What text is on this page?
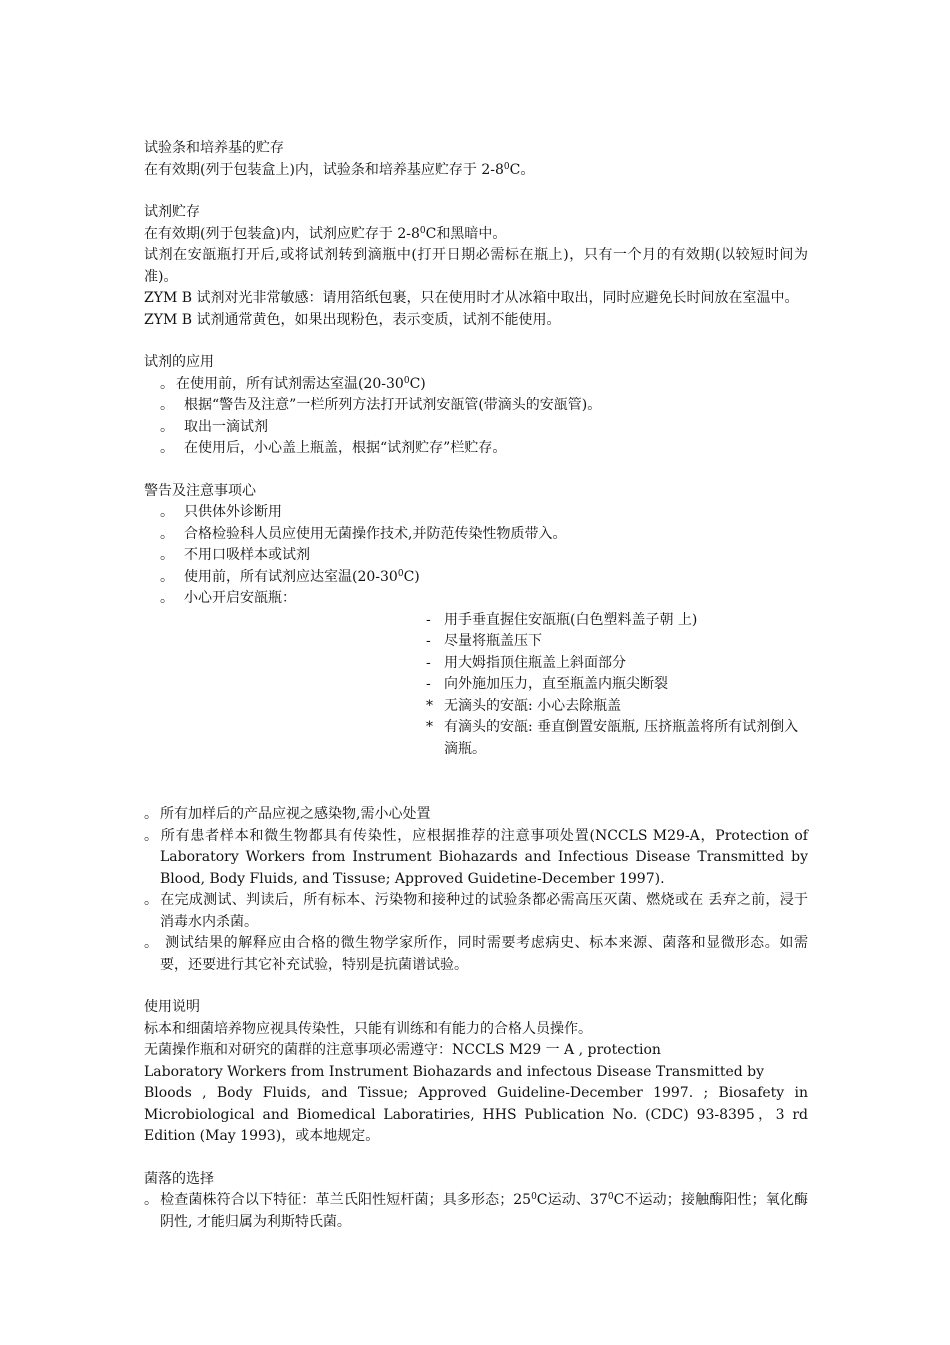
试验条和培养基的贮存

在有效期(列于包装盒上)内，试验条和培养基应贮存于 $2-8^0C$。

试剂贮存

在有效期(列于包装盒)内，试剂应贮存于 $2-8^0C$和黑暗中。

试剂在安瓿瓶打开后,或将试剂转到滴瓶中(打开日期必需标在瓶上)，只有一个月的有效期(以较短时间为准)。

ZYM B 试剂对光非常敏感：请用箔纸包裹，只在使用时才从冰箱中取出，同时应避免长时间放在室温中。

ZYM B 试剂通常黄色，如果出现粉色，表示变质，试剂不能使用。

试剂的应用

。 在使用前，所有试剂需达室温$(20-30^0C)$

。 根据“警告及注意”一栏所列方法打开试剂安瓿管(带滴头的安瓿管)。

。 取出一滴试剂

。 在使用后，小心盖上瓶盖，根据“试剂贮存”栏贮存。

警告及注意事项心

。 只供体外诊断用

。 合格检验科人员应使用无菌操作技术,并防范传染性物质带入。

。 不用口吸样本或试剂

。 使用前，所有试剂应达室温$(20-30^0C)$

。 小心开启安瓿瓶：

- 用手垂直握住安瓿瓶(白色塑料盖子朝 上)

- 尽量将瓶盖压下

- 用大姆指顶住瓶盖上斜面部分

- 向外施加压力，直至瓶盖内瓶尖断裂

* 无滴头的安瓿: 小心去除瓶盖

* 有滴头的安瓿: 垂直倒置安瓿瓶, 压挤瓶盖将所有试剂倒入滴瓶。

。 所有加样后的产品应视之感染物,需小心处置

。 所有患者样本和微生物都具有传染性，应根据推荐的注意事项处置(NCCLS M29-A，Protection of Laboratory Workers from Instrument Biohazards and Infectious Disease Transmitted by Blood, Body Fluids, and Tissuse; Approved Guidetine-December 1997).

。 在完成测试、判读后，所有标本、污染物和接种过的试验条都必需高压灭菌、燃烧或在 丢弃之前，浸于消毒水内杀菌。

。 测试结果的解释应由合格的微生物学家所作，同时需要考虑病史、标本来源、菌落和显微形态。如需要，还要进行其它补充试验，特别是抗菌谱试验。

使用说明

标本和细菌培养物应视具传染性，只能有训练和有能力的合格人员操作。

无菌操作瓶和对研究的菌群的注意事项必需遵守：NCCLS M29 一 A , protection

Laboratory Workers from Instrument Biohazards and infectous Disease Transmitted by

Bloods , Body Fluids, and Tissue; Approved Guideline-December 1997. ; Biosafety in Microbiological and Biomedical Laboratiries, HHS Publication No. (CDC) 93-8395，3 rd Edition (May 1993)，或本地规定。

菌落的选择

。 检查菌株符合以下特征：革兰氏阳性短杆菌；具多形态；$25^0C$运动、$37^0C$不运动；接触酶阳性；氧化酶阴性, 才能归属为利斯特氏菌。
